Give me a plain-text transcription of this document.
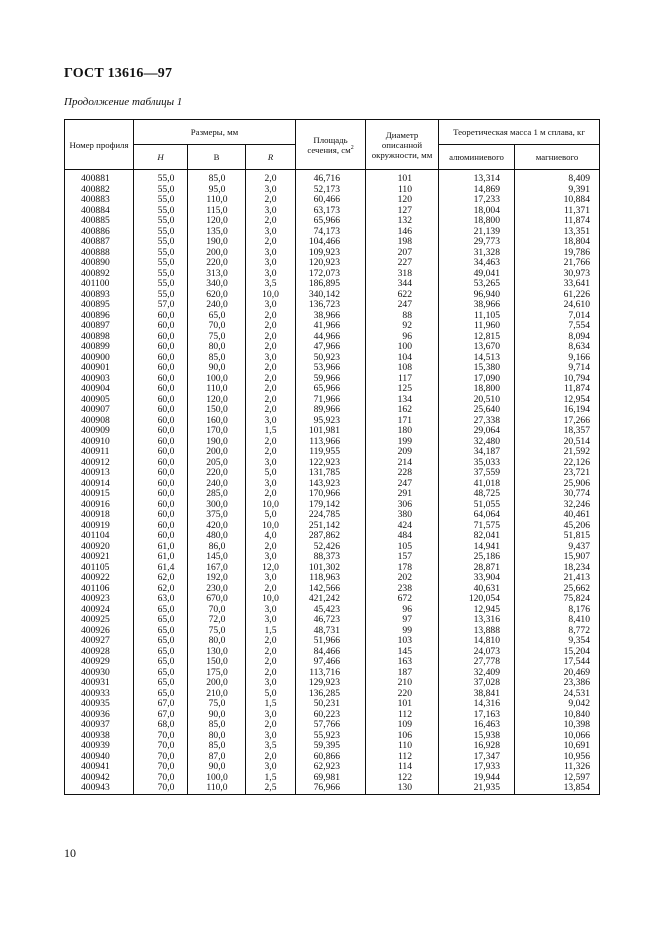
ГОСТ 13616—97
Продолжение таблицы 1
Номер профиля	Размеры, мм			Площадь сечения, $см^2$	Диаметр описанной окружности, мм	Теоретическая масса 1 м сплава, кг	
	H	B	R			алюминиевого	магниевого
400881	55,0	85,0	2,0	46,716	101	13,314	8,409
400882	55,0	95,0	3,0	52,173	110	14,869	9,391
400883	55,0	110,0	2,0	60,466	120	17,233	10,884
400884	55,0	115,0	3,0	63,173	127	18,004	11,371
400885	55,0	120,0	2,0	65,966	132	18,800	11,874
400886	55,0	135,0	3,0	74,173	146	21,139	13,351
400887	55,0	190,0	2,0	104,466	198	29,773	18,804
400888	55,0	200,0	3,0	109,923	207	31,328	19,786
400890	55,0	220,0	3,0	120,923	227	34,463	21,766
400892	55,0	313,0	3,0	172,073	318	49,041	30,973
401100	55,0	340,0	3,5	186,895	344	53,265	33,641
400893	55,0	620,0	10,0	340,142	622	96,940	61,226
400895	57,0	240,0	3,0	136,723	247	38,966	24,610
400896	60,0	65,0	2,0	38,966	88	11,105	7,014
400897	60,0	70,0	2,0	41,966	92	11,960	7,554
400898	60,0	75,0	2,0	44,966	96	12,815	8,094
400899	60,0	80,0	2,0	47,966	100	13,670	8,634
400900	60,0	85,0	3,0	50,923	104	14,513	9,166
400901	60,0	90,0	2,0	53,966	108	15,380	9,714
400903	60,0	100,0	2,0	59,966	117	17,090	10,794
400904	60,0	110,0	2,0	65,966	125	18,800	11,874
400905	60,0	120,0	2,0	71,966	134	20,510	12,954
400907	60,0	150,0	2,0	89,966	162	25,640	16,194
400908	60,0	160,0	3,0	95,923	171	27,338	17,266
400909	60,0	170,0	1,5	101,981	180	29,064	18,357
400910	60,0	190,0	2,0	113,966	199	32,480	20,514
400911	60,0	200,0	2,0	119,955	209	34,187	21,592
400912	60,0	205,0	3,0	122,923	214	35,033	22,126
400913	60,0	220,0	5,0	131,785	228	37,559	23,721
400914	60,0	240,0	3,0	143,923	247	41,018	25,906
400915	60,0	285,0	2,0	170,966	291	48,725	30,774
400916	60,0	300,0	10,0	179,142	306	51,055	32,246
400918	60,0	375,0	5,0	224,785	380	64,064	40,461
400919	60,0	420,0	10,0	251,142	424	71,575	45,206
401104	60,0	480,0	4,0	287,862	484	82,041	51,815
400920	61,0	86,0	2,0	52,426	105	14,941	9,437
400921	61,0	145,0	3,0	88,373	157	25,186	15,907
401105	61,4	167,0	12,0	101,302	178	28,871	18,234
400922	62,0	192,0	3,0	118,963	202	33,904	21,413
401106	62,0	230,0	2,0	142,566	238	40,631	25,662
400923	63,0	670,0	10,0	421,242	672	120,054	75,824
400924	65,0	70,0	3,0	45,423	96	12,945	8,176
400925	65,0	72,0	3,0	46,723	97	13,316	8,410
400926	65,0	75,0	1,5	48,731	99	13,888	8,772
400927	65,0	80,0	2,0	51,966	103	14,810	9,354
400928	65,0	130,0	2,0	84,466	145	24,073	15,204
400929	65,0	150,0	2,0	97,466	163	27,778	17,544
400930	65,0	175,0	2,0	113,716	187	32,409	20,469
400931	65,0	200,0	3,0	129,923	210	37,028	23,386
400933	65,0	210,0	5,0	136,285	220	38,841	24,531
400935	67,0	75,0	1,5	50,231	101	14,316	9,042
400936	67,0	90,0	3,0	60,223	112	17,163	10,840
400937	68,0	85,0	2,0	57,766	109	16,463	10,398
400938	70,0	80,0	3,0	55,923	106	15,938	10,066
400939	70,0	85,0	3,5	59,395	110	16,928	10,691
400940	70,0	87,0	2,0	60,866	112	17,347	10,956
400941	70,0	90,0	3,0	62,923	114	17,933	11,326
400942	70,0	100,0	1,5	69,981	122	19,944	12,597
400943	70,0	110,0	2,5	76,966	130	21,935	13,854
10
